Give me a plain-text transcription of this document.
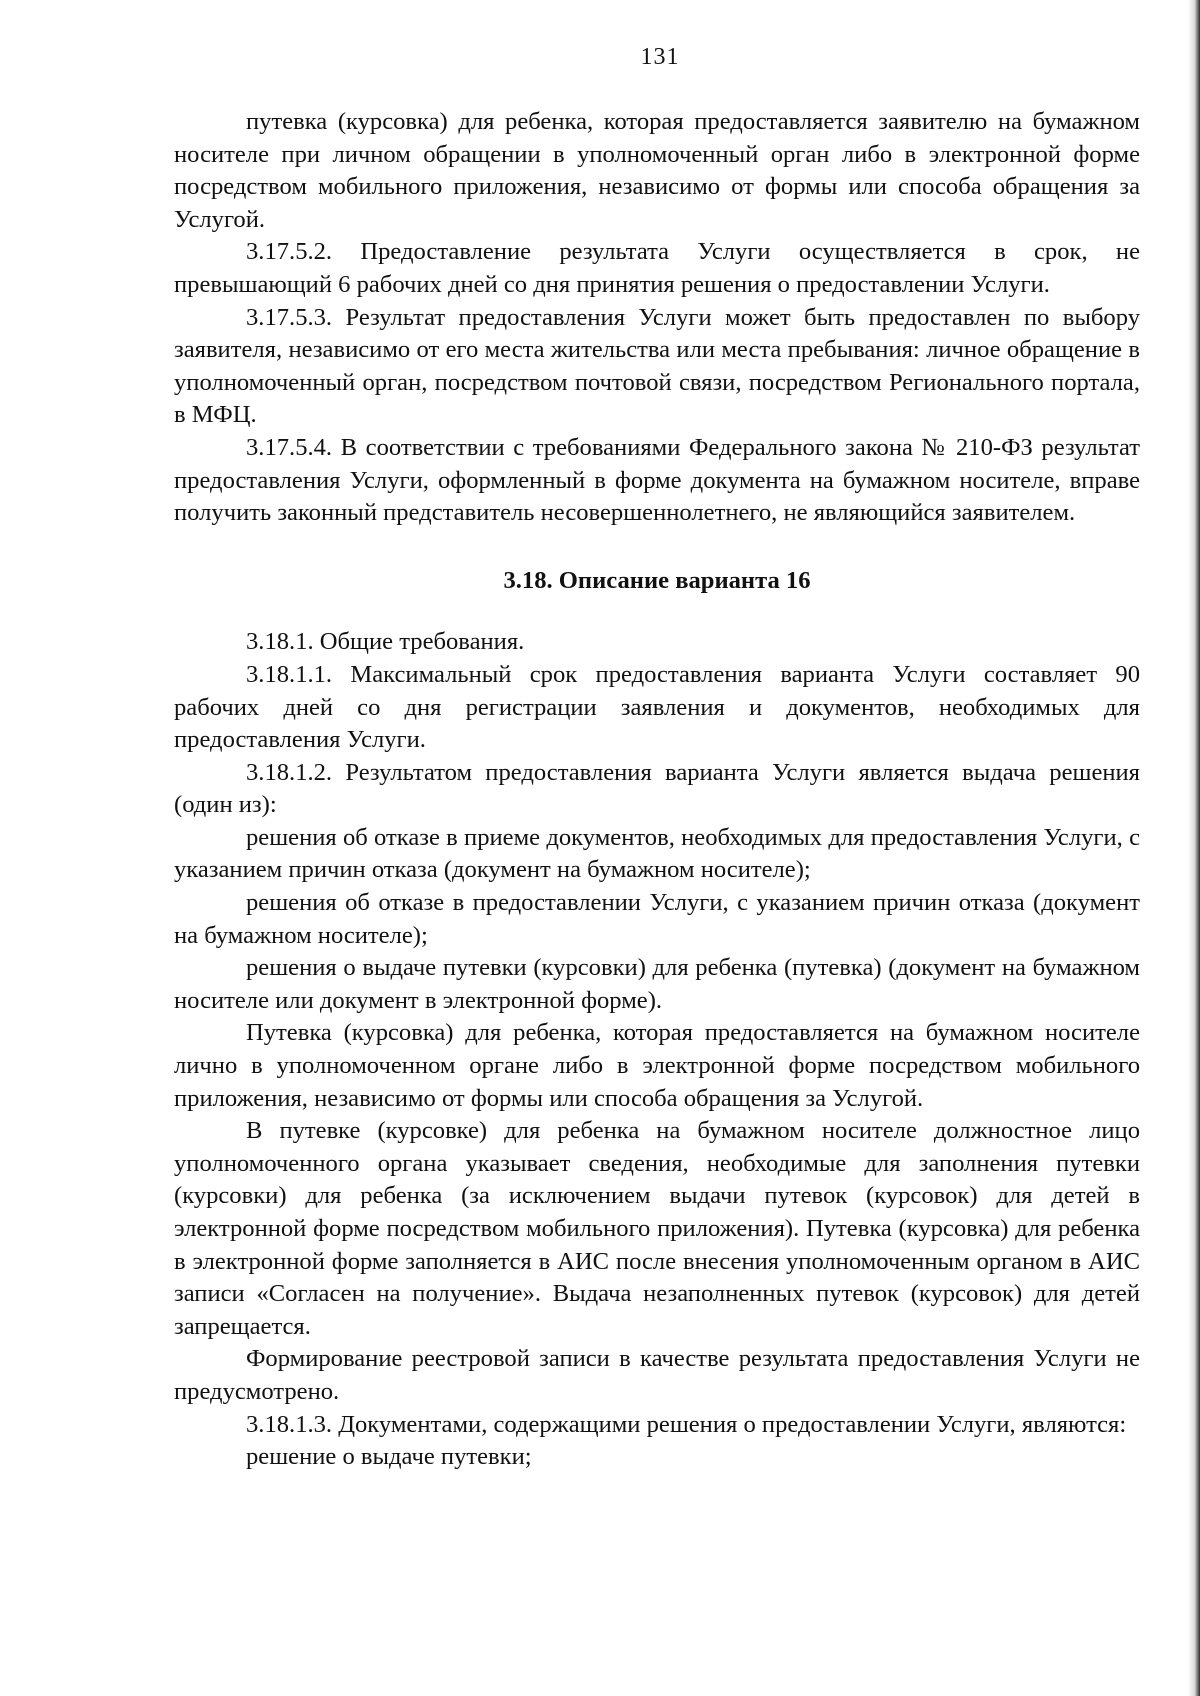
131

путевка (курсовка) для ребенка, которая предоставляется заявителю на бумажном носителе при личном обращении в уполномоченный орган либо в электронной форме посредством мобильного приложения, независимо от формы или способа обращения за Услугой.

3.17.5.2. Предоставление результата Услуги осуществляется в срок, не превышающий 6 рабочих дней со дня принятия решения о предоставлении Услуги.

3.17.5.3. Результат предоставления Услуги может быть предоставлен по выбору заявителя, независимо от его места жительства или места пребывания: личное обращение в уполномоченный орган, посредством почтовой связи, посредством Регионального портала, в МФЦ.

3.17.5.4. В соответствии с требованиями Федерального закона № 210-ФЗ результат предоставления Услуги, оформленный в форме документа на бумажном носителе, вправе получить законный представитель несовершеннолетнего, не являющийся заявителем.

3.18. Описание варианта 16

3.18.1. Общие требования.

3.18.1.1. Максимальный срок предоставления варианта Услуги составляет 90 рабочих дней со дня регистрации заявления и документов, необходимых для предоставления Услуги.

3.18.1.2. Результатом предоставления варианта Услуги является выдача решения (один из):

решения об отказе в приеме документов, необходимых для предоставления Услуги, с указанием причин отказа (документ на бумажном носителе);

решения об отказе в предоставлении Услуги, с указанием причин отказа (документ на бумажном носителе);

решения о выдаче путевки (курсовки) для ребенка (путевка) (документ на бумажном носителе или документ в электронной форме).

Путевка (курсовка) для ребенка, которая предоставляется на бумажном носителе лично в уполномоченном органе либо в электронной форме посредством мобильного приложения, независимо от формы или способа обращения за Услугой.

В путевке (курсовке) для ребенка на бумажном носителе должностное лицо уполномоченного органа указывает сведения, необходимые для заполнения путевки (курсовки) для ребенка (за исключением выдачи путевок (курсовок) для детей в электронной форме посредством мобильного приложения). Путевка (курсовка) для ребенка в электронной форме заполняется в АИС после внесения уполномоченным органом в АИС записи «Согласен на получение». Выдача незаполненных путевок (курсовок) для детей запрещается.

Формирование реестровой записи в качестве результата предоставления Услуги не предусмотрено.

3.18.1.3. Документами, содержащими решения о предоставлении Услуги, являются:

решение о выдаче путевки;
